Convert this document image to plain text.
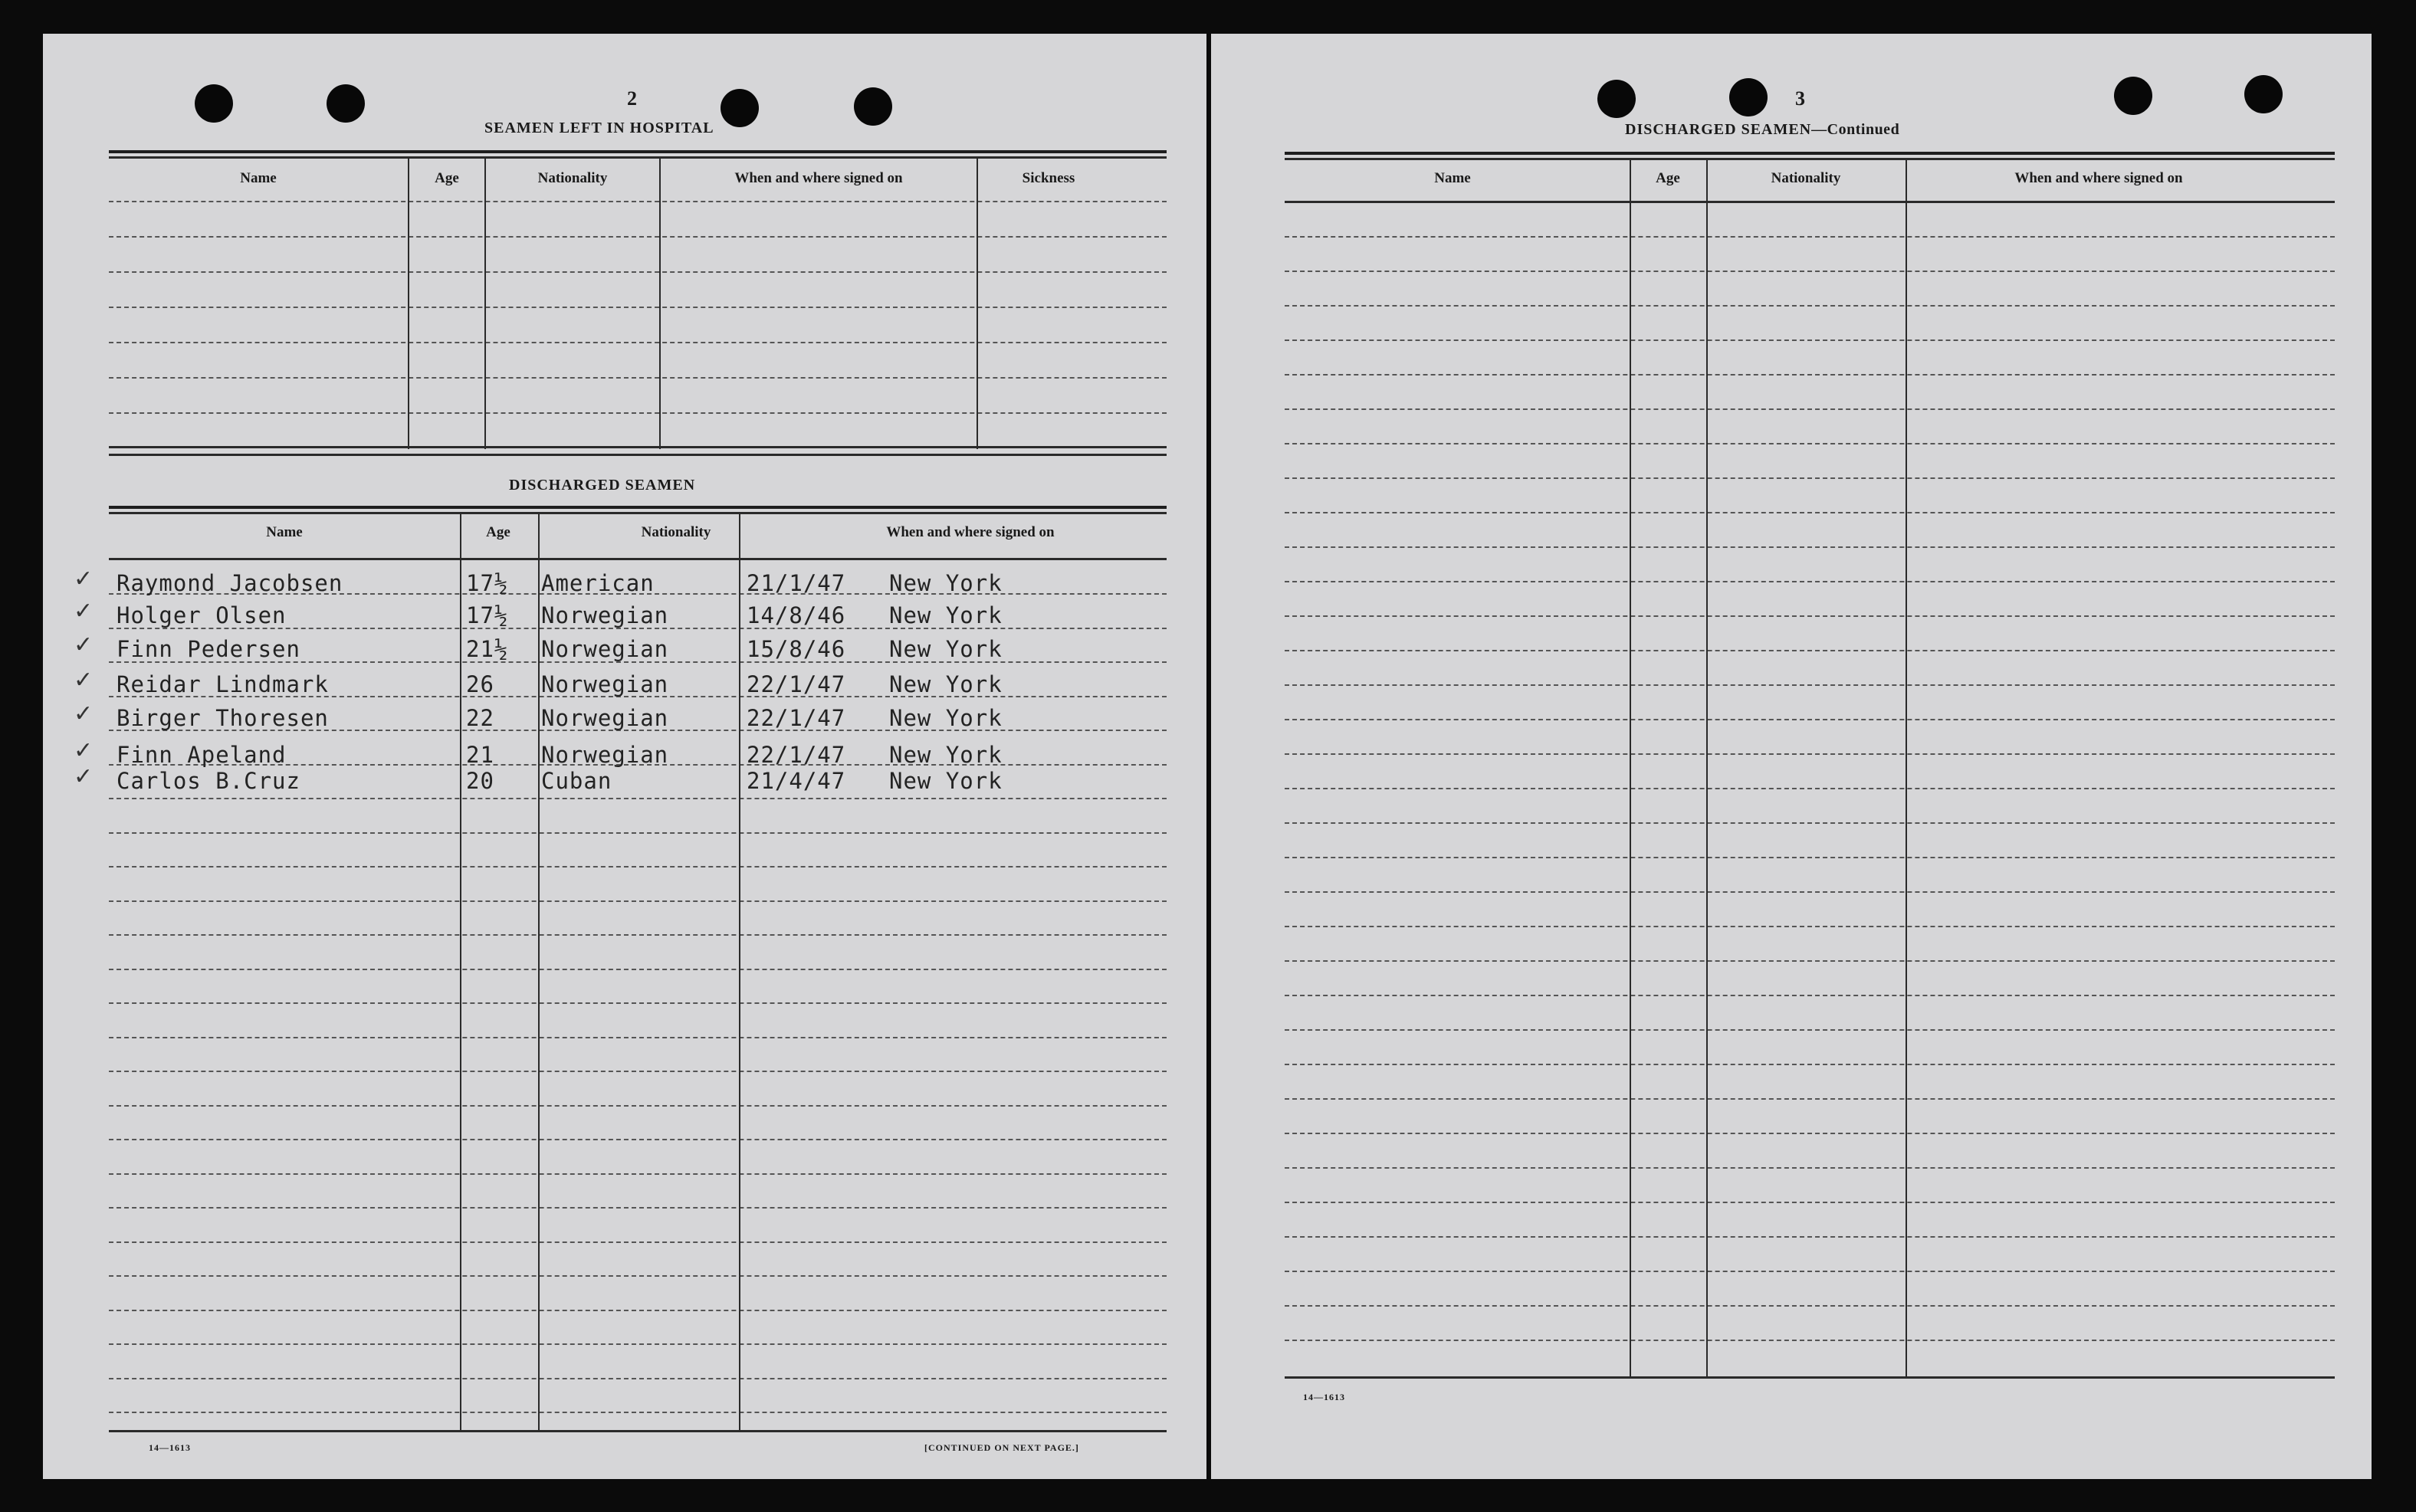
2
SEAMEN LEFT IN HOSPITAL
Name	Age	Nationality	When and where signed on	Sickness
DISCHARGED SEAMEN
Name	Age	Nationality	When and where signed on
✓ Raymond Jacobsen	17½ American	21/1/47 New York
✓ Holger Olsen	17½ Norwegian	14/8/46 New York
✓ Finn Pedersen	21½ Norwegian	15/8/46 New York
✓ Reidar Lindmark	26 Norwegian	22/1/47 New York
✓ Birger Thoresen	22 Norwegian	22/1/47 New York
✓ Finn Apeland	21 Norwegian	22/1/47 New York
✓ Carlos B.Cruz	20 Cuban	21/4/47 New York
14—1613	[CONTINUED ON NEXT PAGE.]
3
DISCHARGED SEAMEN—Continued
Name	Age	Nationality	When and where signed on
14—1613
